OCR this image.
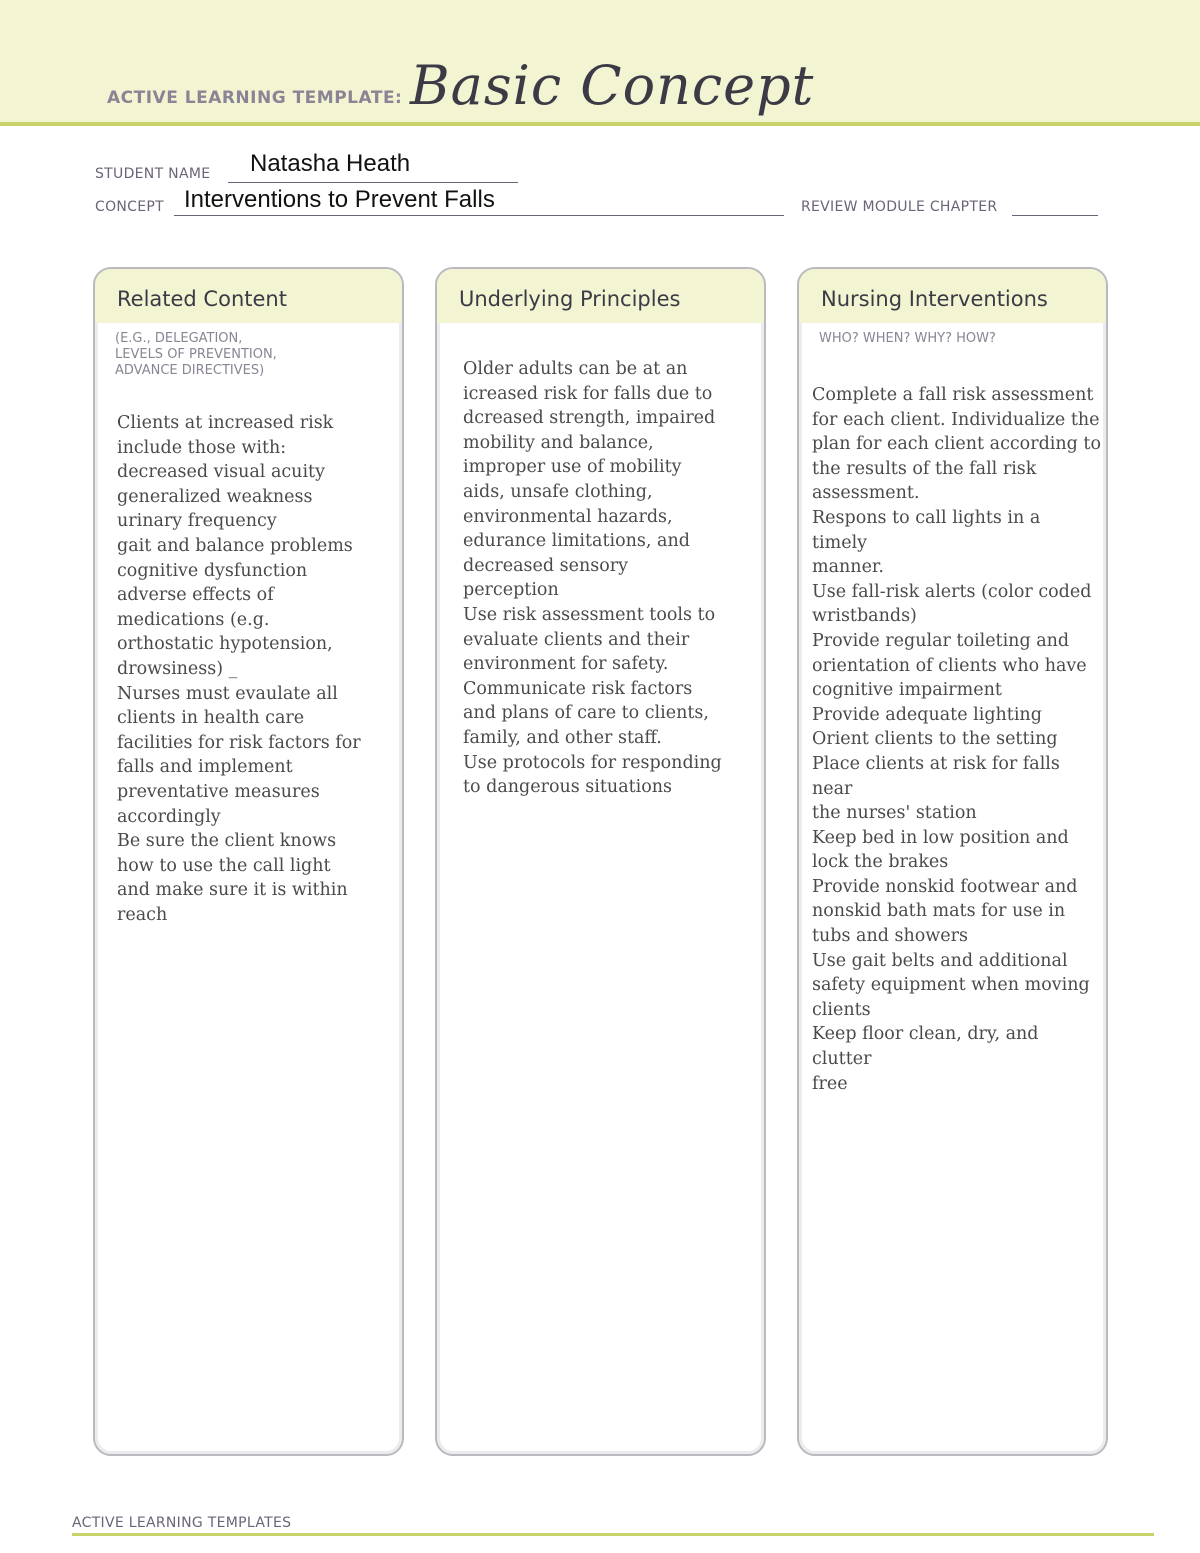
ACTIVE LEARNING TEMPLATE: Basic Concept
STUDENT NAME Natasha Heath
CONCEPT Interventions to Prevent Falls	REVIEW MODULE CHAPTER
Related Content
(E.G., DELEGATION,
LEVELS OF PREVENTION,
ADVANCE DIRECTIVES)
Clients at increased risk
include those with:
decreased visual acuity
generalized weakness
urinary frequency
gait and balance problems
cognitive dysfunction
adverse effects of
medications (e.g.
orthostatic hypotension,
drowsiness) _
Nurses must evaulate all
clients in health care
facilities for risk factors for
falls and implement
preventative measures
accordingly
Be sure the client knows
how to use the call light
and make sure it is within
reach
Underlying Principles
Older adults can be at an
icreased risk for falls due to
dcreased strength, impaired
mobility and balance,
improper use of mobility
aids, unsafe clothing,
environmental hazards,
edurance limitations, and
decreased sensory
perception
Use risk assessment tools to
evaluate clients and their
environment for safety.
Communicate risk factors
and plans of care to clients,
family, and other staff.
Use protocols for responding
to dangerous situations
Nursing Interventions
WHO? WHEN? WHY? HOW?
Complete a fall risk assessment
for each client. Individualize the
plan for each client according to
the results of the fall risk
assessment.
Respons to call lights in a
timely
manner.
Use fall-risk alerts (color coded
wristbands)
Provide regular toileting and
orientation of clients who have
cognitive impairment
Provide adequate lighting
Orient clients to the setting
Place clients at risk for falls
near
the nurses' station
Keep bed in low position and
lock the brakes
Provide nonskid footwear and
nonskid bath mats for use in
tubs and showers
Use gait belts and additional
safety equipment when moving
clients
Keep floor clean, dry, and
clutter
free
ACTIVE LEARNING TEMPLATES
